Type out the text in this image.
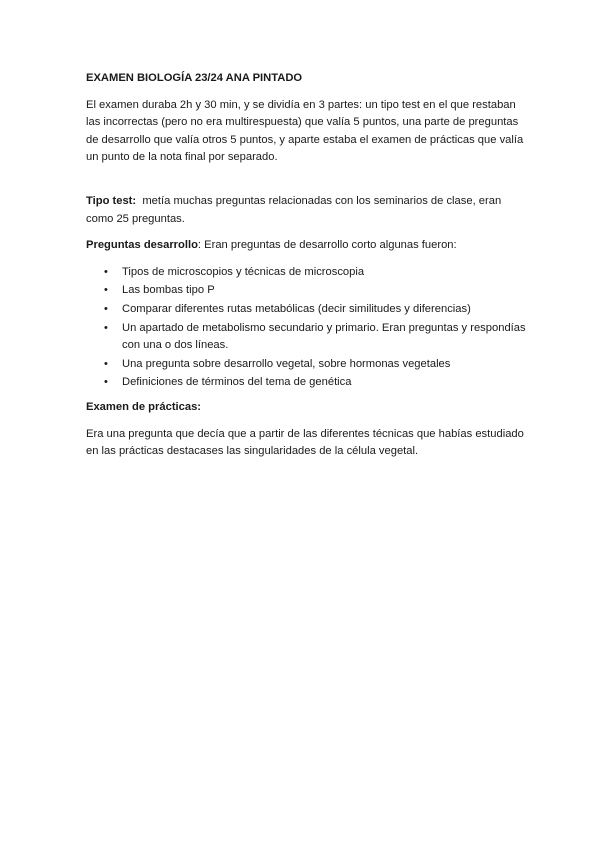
EXAMEN BIOLOGÍA 23/24 ANA PINTADO

El examen duraba 2h y 30 min, y se dividía en 3 partes: un tipo test en el que restaban las incorrectas (pero no era multirespuesta) que valía 5 puntos, una parte de preguntas de desarrollo que valía otros 5 puntos, y aparte estaba el examen de prácticas que valía un punto de la nota final por separado.

Tipo test:  metía muchas preguntas relacionadas con los seminarios de clase, eran como 25 preguntas.

Preguntas desarrollo: Eran preguntas de desarrollo corto algunas fueron:

• Tipos de microscopios y técnicas de microscopia
• Las bombas tipo P
• Comparar diferentes rutas metabólicas (decir similitudes y diferencias)
• Un apartado de metabolismo secundario y primario. Eran preguntas y respondías con una o dos líneas.
• Una pregunta sobre desarrollo vegetal, sobre hormonas vegetales
• Definiciones de términos del tema de genética

Examen de prácticas:

Era una pregunta que decía que a partir de las diferentes técnicas que habías estudiado en las prácticas destacases las singularidades de la célula vegetal.
